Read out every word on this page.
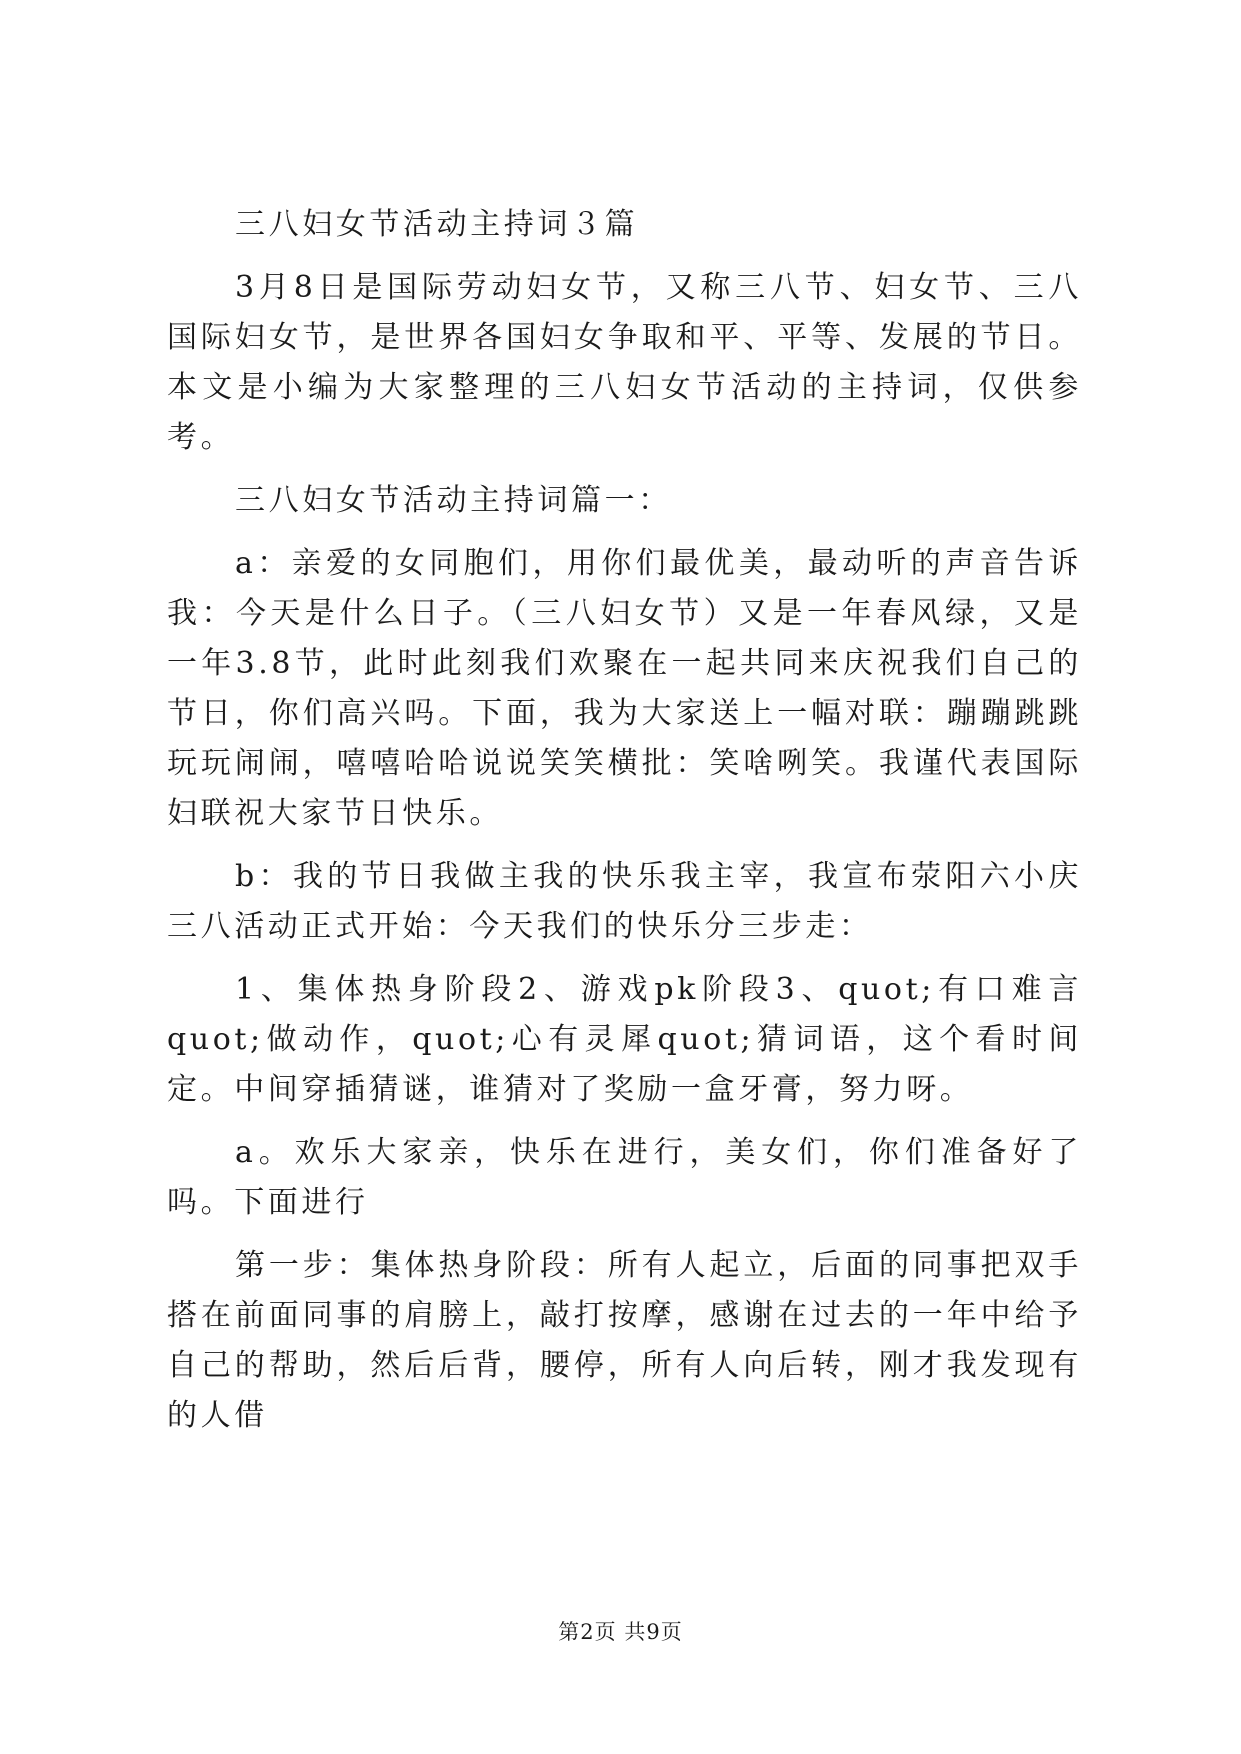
三八妇女节活动主持词３篇

3月8日是国际劳动妇女节，又称三八节、妇女节、三八国际妇女节，是世界各国妇女争取和平、平等、发展的节日。本文是小编为大家整理的三八妇女节活动的主持词，仅供参考。

三八妇女节活动主持词篇一：

a：亲爱的女同胞们，用你们最优美，最动听的声音告诉我：今天是什么日子。（三八妇女节）又是一年春风绿，又是一年3.8节，此时此刻我们欢聚在一起共同来庆祝我们自己的节日，你们高兴吗。下面，我为大家送上一幅对联：蹦蹦跳跳玩玩闹闹，嘻嘻哈哈说说笑笑横批：笑啥咧笑。我谨代表国际妇联祝大家节日快乐。

b：我的节日我做主我的快乐我主宰，我宣布荥阳六小庆三八活动正式开始：今天我们的快乐分三步走：

1、集体热身阶段2、游戏pk阶段3、quot;有口难言quot;做动作，quot;心有灵犀quot;猜词语，这个看时间定。中间穿插猜谜，谁猜对了奖励一盒牙膏，努力呀。

a。欢乐大家亲，快乐在进行，美女们，你们准备好了吗。下面进行

第一步：集体热身阶段：所有人起立，后面的同事把双手搭在前面同事的肩膀上，敲打按摩，感谢在过去的一年中给予自己的帮助，然后后背，腰停，所有人向后转，刚才我发现有的人借

第2页 共9页
